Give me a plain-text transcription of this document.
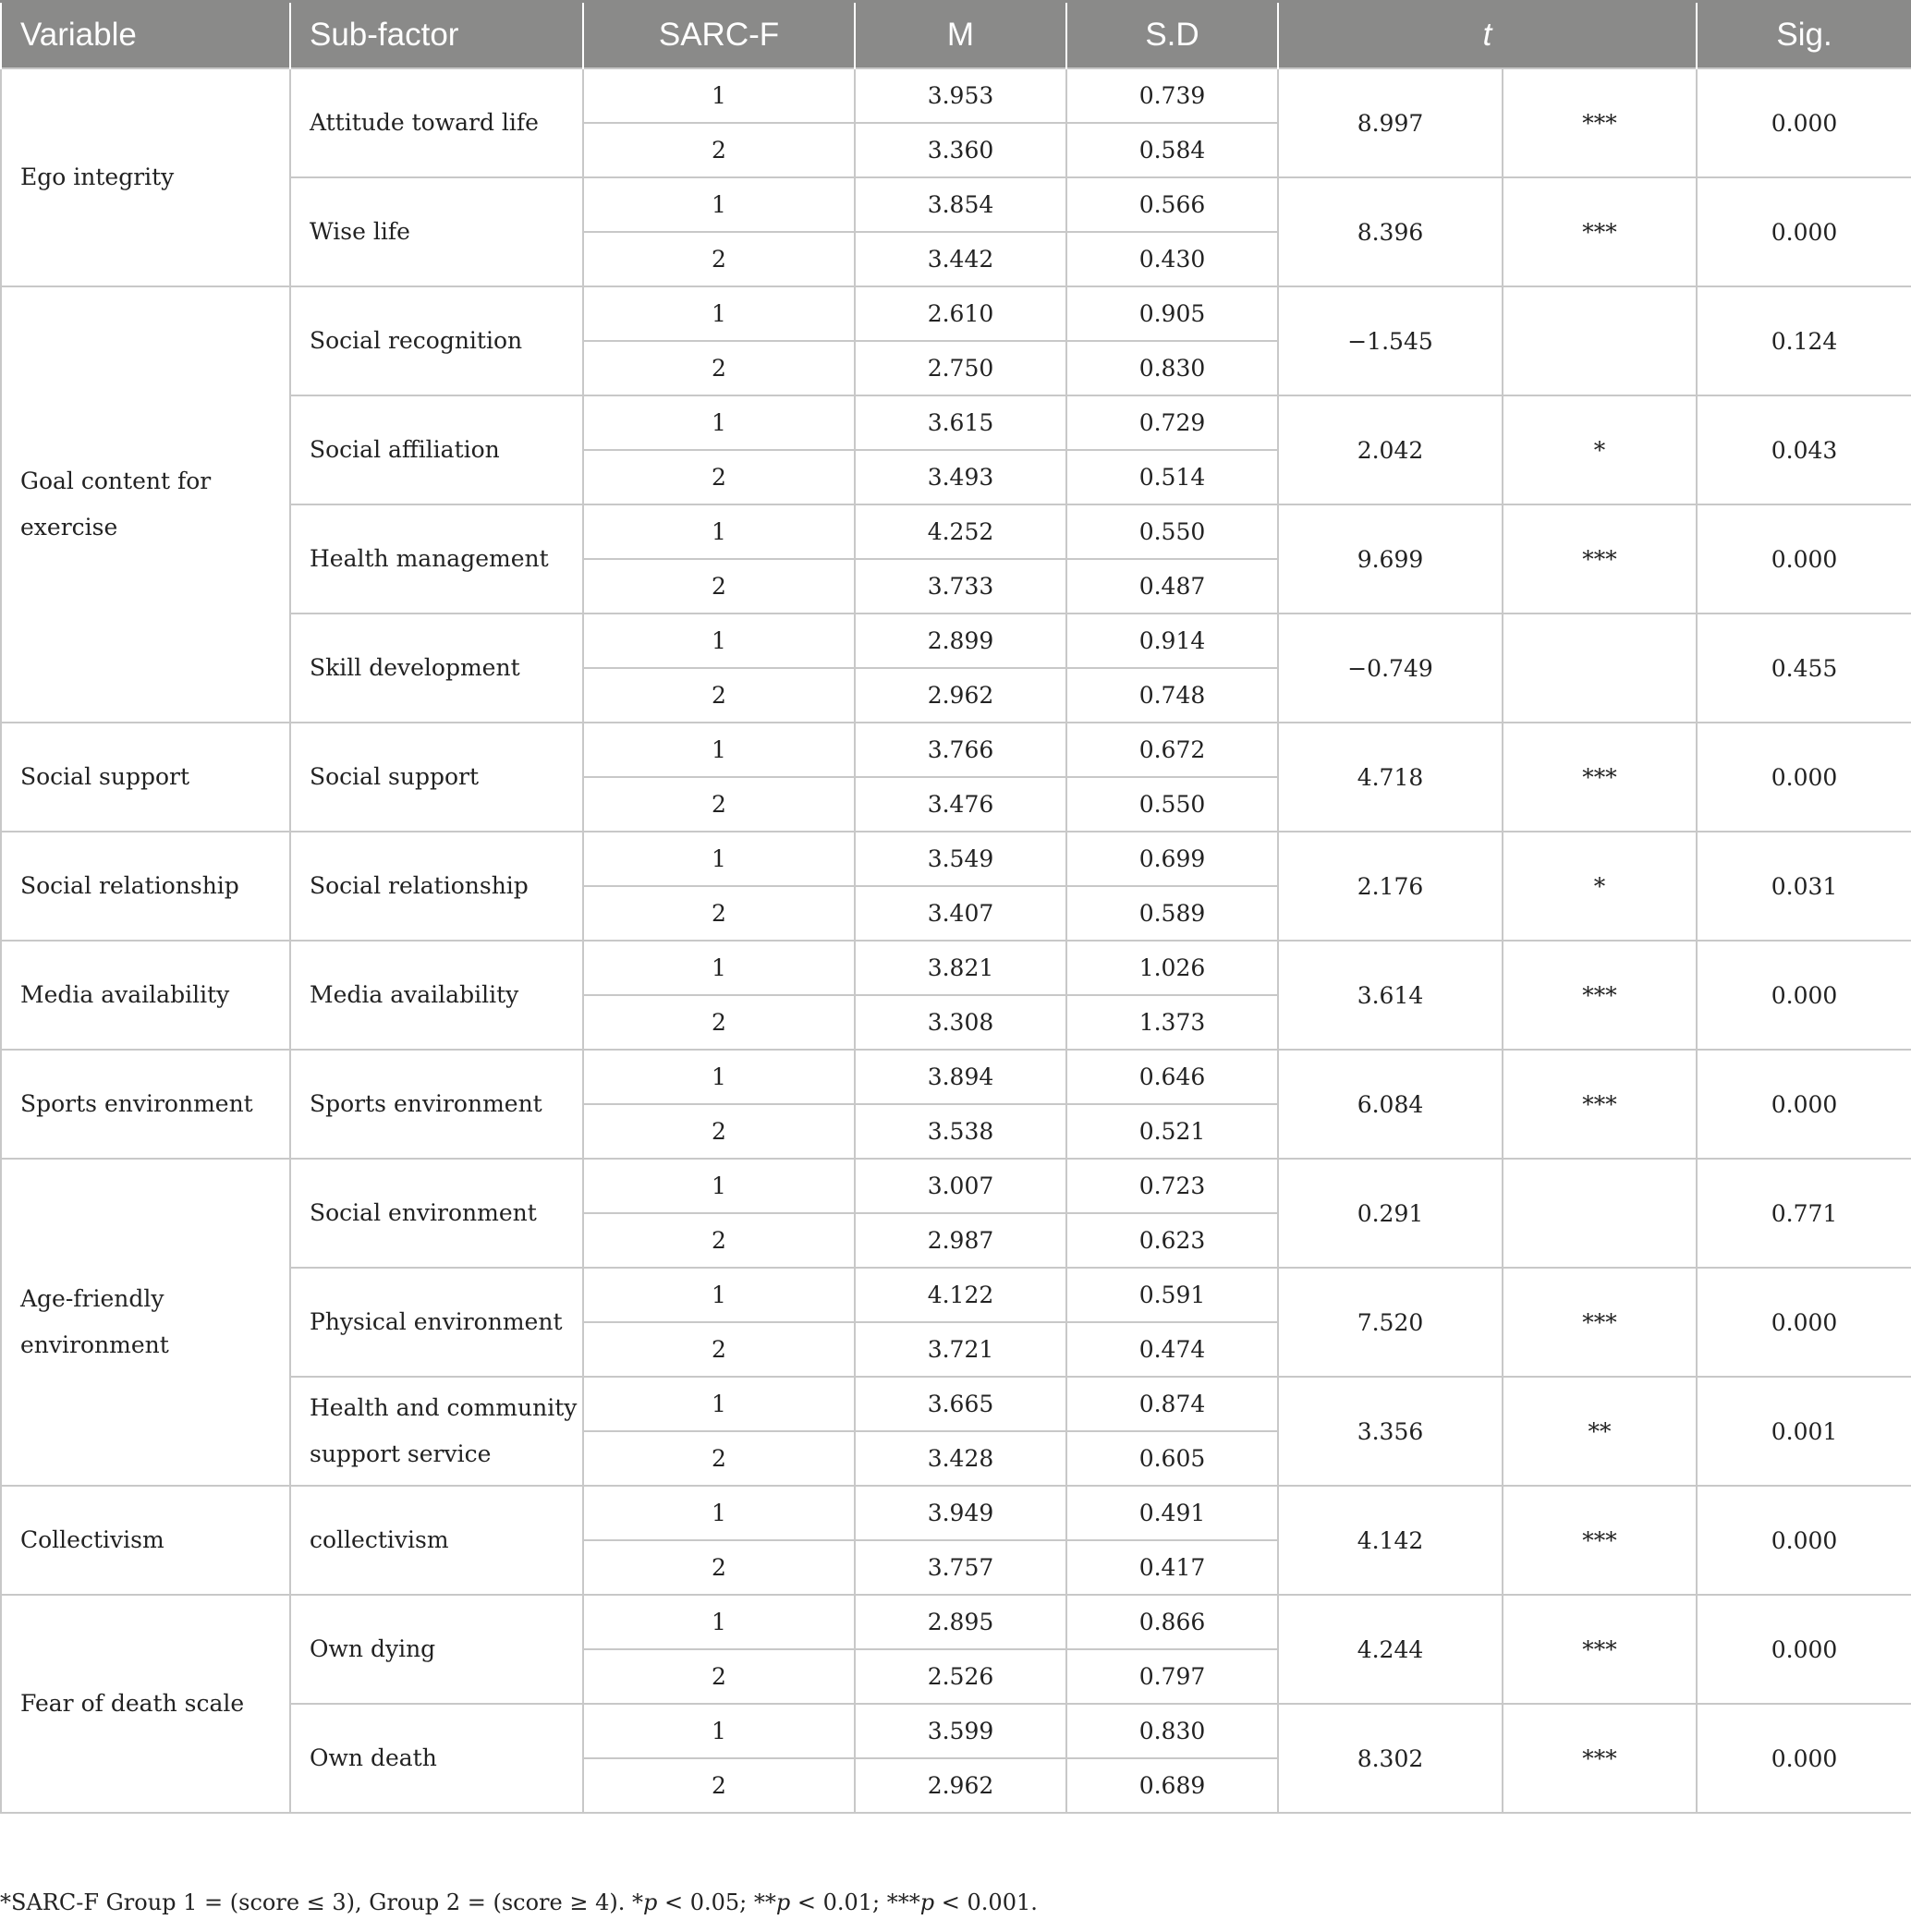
Variable	Sub-factor	SARC-F	M	S.D	t		Sig.
Ego integrity	Attitude toward life	1	3.953	0.739	8.997	***	0.000
		2	3.360	0.584			
	Wise life	1	3.854	0.566	8.396	***	0.000
		2	3.442	0.430			
Goal content for exercise	Social recognition	1	2.610	0.905	−1.545		0.124
		2	2.750	0.830			
	Social affiliation	1	3.615	0.729	2.042	*	0.043
		2	3.493	0.514			
	Health management	1	4.252	0.550	9.699	***	0.000
		2	3.733	0.487			
	Skill development	1	2.899	0.914	−0.749		0.455
		2	2.962	0.748			
Social support	Social support	1	3.766	0.672	4.718	***	0.000
		2	3.476	0.550			
Social relationship	Social relationship	1	3.549	0.699	2.176	*	0.031
		2	3.407	0.589			
Media availability	Media availability	1	3.821	1.026	3.614	***	0.000
		2	3.308	1.373			
Sports environment	Sports environment	1	3.894	0.646	6.084	***	0.000
		2	3.538	0.521			
Age-friendly environment	Social environment	1	3.007	0.723	0.291		0.771
		2	2.987	0.623			
	Physical environment	1	4.122	0.591	7.520	***	0.000
		2	3.721	0.474			
	Health and community support service	1	3.665	0.874	3.356	**	0.001
		2	3.428	0.605			
Collectivism	collectivism	1	3.949	0.491	4.142	***	0.000
		2	3.757	0.417			
Fear of death scale	Own dying	1	2.895	0.866	4.244	***	0.000
		2	2.526	0.797			
	Own death	1	3.599	0.830	8.302	***	0.000
		2	2.962	0.689			
*SARC-F Group 1 = (score ≤ 3), Group 2 = (score ≥ 4). *p < 0.05; **p < 0.01; ***p < 0.001.
